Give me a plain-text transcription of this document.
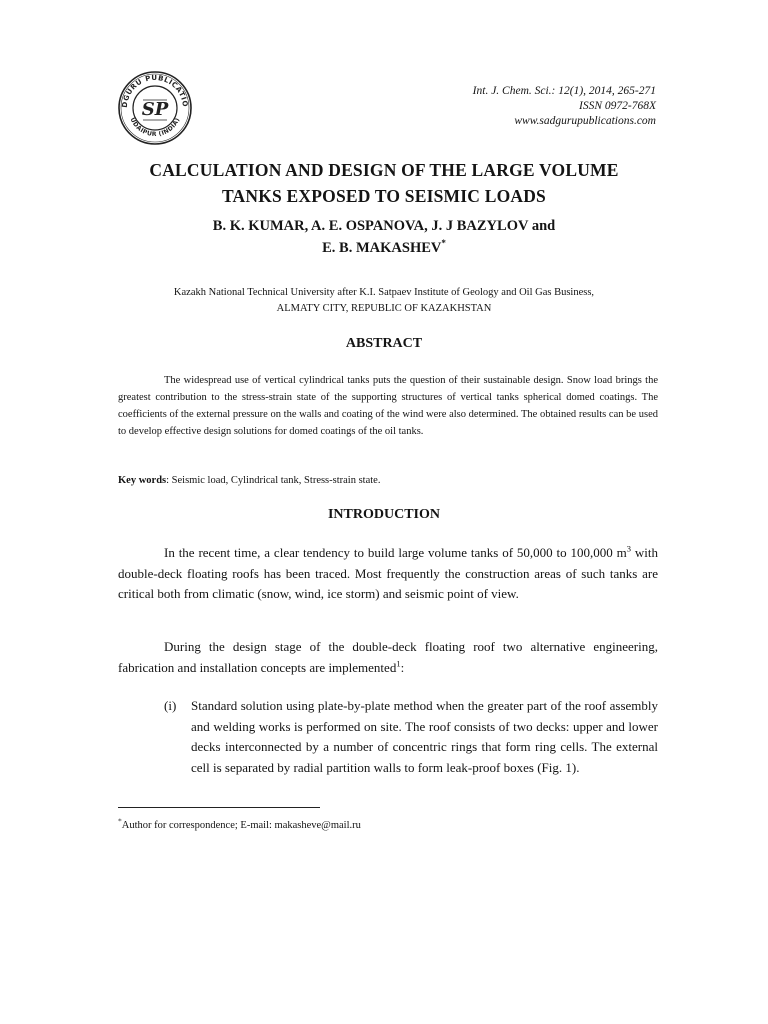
DGURU PUBLICATIO
UDAIPUR (INDIA)
SP
Int. J. Chem. Sci.: 12(1), 2014, 265-271
ISSN 0972-768X
www.sadgurupublications.com
CALCULATION AND DESIGN OF THE LARGE VOLUME
TANKS EXPOSED TO SEISMIC LOADS
B. K. KUMAR, A. E. OSPANOVA, J. J BAZYLOV and
E. B. MAKASHEV*
Kazakh National Technical University after K.I. Satpaev Institute of Geology and Oil Gas Business,
ALMATY CITY, REPUBLIC OF KAZAKHSTAN
ABSTRACT

The widespread use of vertical cylindrical tanks puts the question of their sustainable design. Snow load brings the greatest contribution to the stress-strain state of the supporting structures of vertical tanks spherical domed coatings. The coefficients of the external pressure on the walls and coating of the wind were also determined. The obtained results can be used to develop effective design solutions for domed coatings of the oil tanks.

Key words: Seismic load, Cylindrical tank, Stress-strain state.

INTRODUCTION

In the recent time, a clear tendency to build large volume tanks of 50,000 to 100,000 $m^3$ with double-deck floating roofs has been traced. Most frequently the construction areas of such tanks are critical both from climatic (snow, wind, ice storm) and seismic point of view.

During the design stage of the double-deck floating roof two alternative engineering, fabrication and installation concepts are implemented$^1$:

(i) Standard solution using plate-by-plate method when the greater part of the roof assembly and welding works is performed on site. The roof consists of two decks: upper and lower decks interconnected by a number of concentric rings that form ring cells. The external cell is separated by radial partition walls to form leak-proof boxes (Fig. 1).
*Author for correspondence; E-mail: makashevе@mail.ru
